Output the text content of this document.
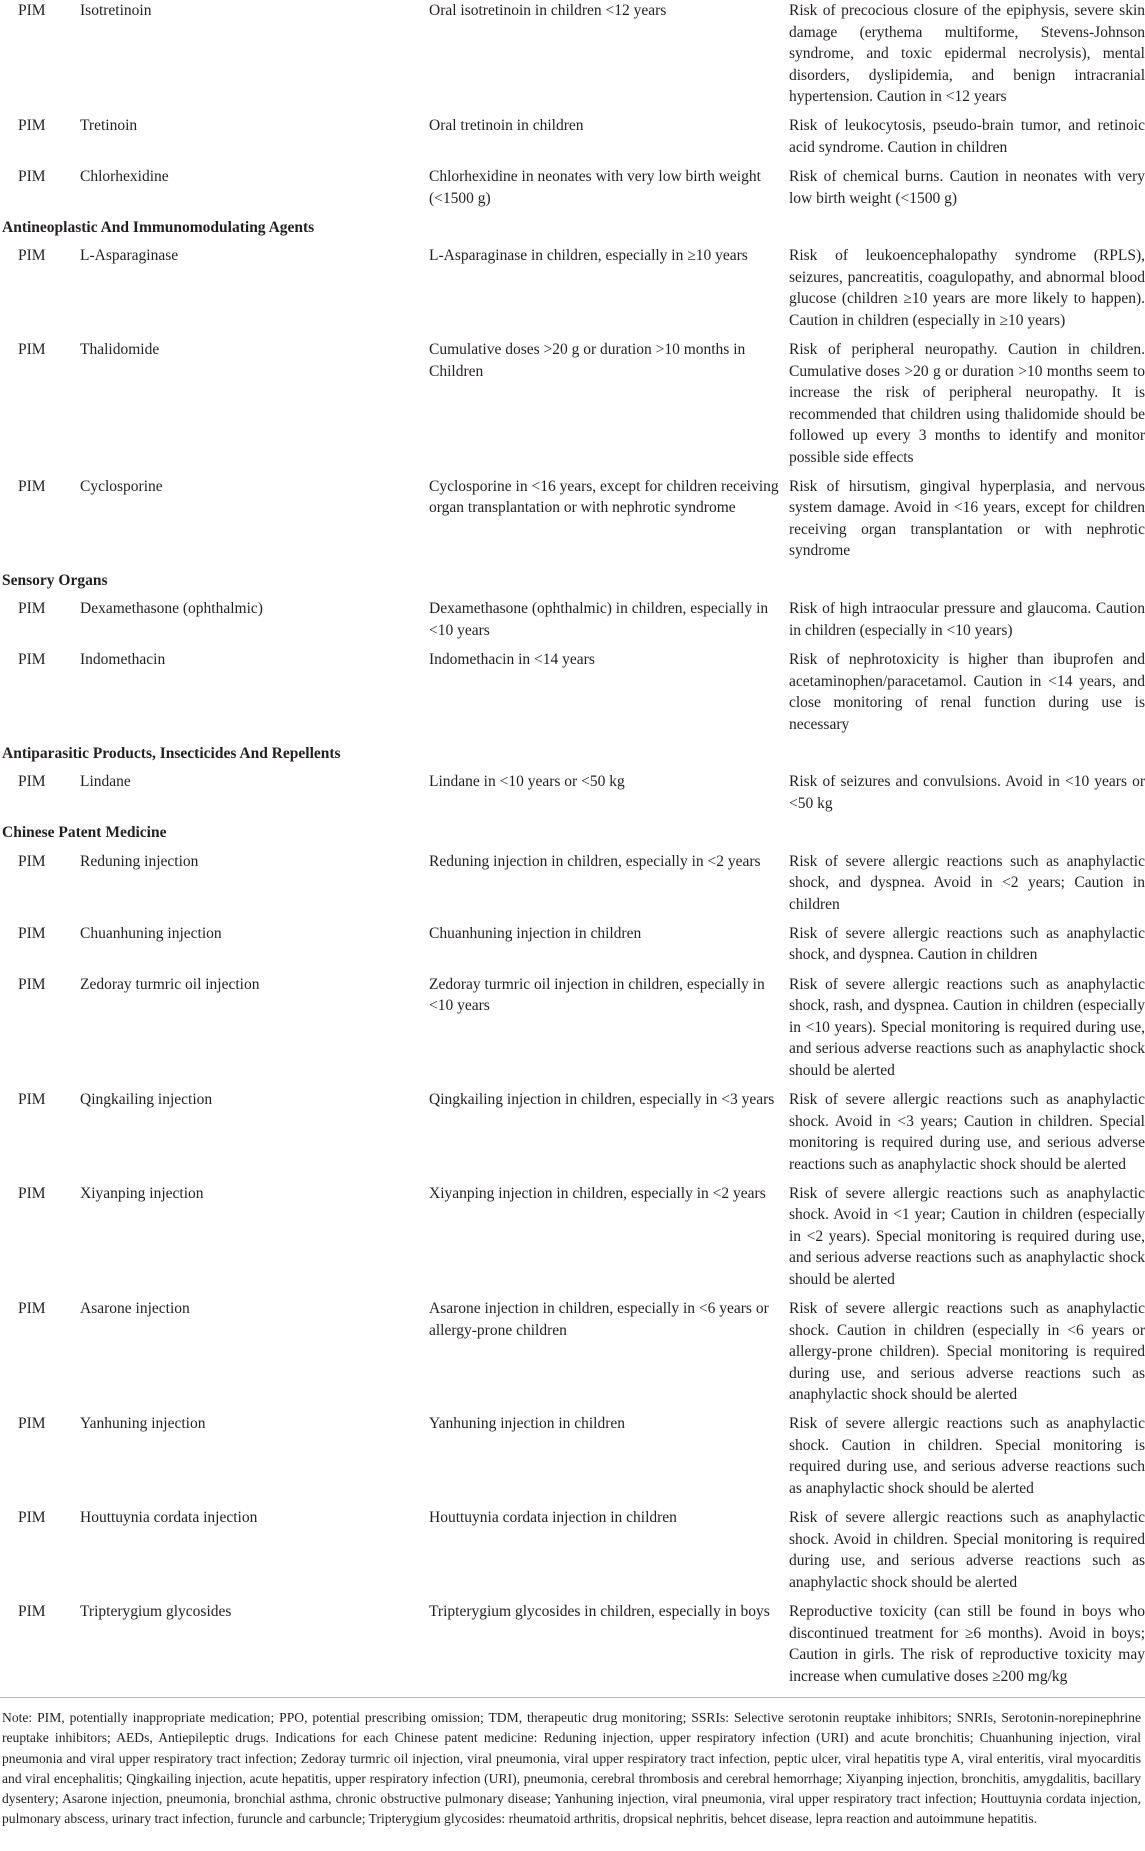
PIM	Isotretinoin	Oral isotretinoin in children <12 years	Risk of precocious closure of the epiphysis, severe skin damage (erythema multiforme, Stevens-Johnson syndrome, and toxic epidermal necrolysis), mental disorders, dyslipidemia, and benign intracranial hypertension. Caution in <12 years
PIM	Tretinoin	Oral tretinoin in children	Risk of leukocytosis, pseudo-brain tumor, and retinoic acid syndrome. Caution in children
PIM	Chlorhexidine	Chlorhexidine in neonates with very low birth weight (<1500 g)	Risk of chemical burns. Caution in neonates with very low birth weight (<1500 g)
Antineoplastic And Immunomodulating Agents			
PIM	L-Asparaginase	L-Asparaginase in children, especially in ≥10 years	Risk of leukoencephalopathy syndrome (RPLS), seizures, pancreatitis, coagulopathy, and abnormal blood glucose (children ≥10 years are more likely to happen). Caution in children (especially in ≥10 years)
PIM	Thalidomide	Cumulative doses >20 g or duration >10 months in Children	Risk of peripheral neuropathy. Caution in children. Cumulative doses >20 g or duration >10 months seem to increase the risk of peripheral neuropathy. It is recommended that children using thalidomide should be followed up every 3 months to identify and monitor possible side effects
PIM	Cyclosporine	Cyclosporine in <16 years, except for children receiving organ transplantation or with nephrotic syndrome	Risk of hirsutism, gingival hyperplasia, and nervous system damage. Avoid in <16 years, except for children receiving organ transplantation or with nephrotic syndrome
Sensory Organs			
PIM	Dexamethasone (ophthalmic)	Dexamethasone (ophthalmic) in children, especially in <10 years	Risk of high intraocular pressure and glaucoma. Caution in children (especially in <10 years)
PIM	Indomethacin	Indomethacin in <14 years	Risk of nephrotoxicity is higher than ibuprofen and acetaminophen/paracetamol. Caution in <14 years, and close monitoring of renal function during use is necessary
Antiparasitic Products, Insecticides And Repellents			
PIM	Lindane	Lindane in <10 years or <50 kg	Risk of seizures and convulsions. Avoid in <10 years or <50 kg
Chinese Patent Medicine			
PIM	Reduning injection	Reduning injection in children, especially in <2 years	Risk of severe allergic reactions such as anaphylactic shock, and dyspnea. Avoid in <2 years; Caution in children
PIM	Chuanhuning injection	Chuanhuning injection in children	Risk of severe allergic reactions such as anaphylactic shock, and dyspnea. Caution in children
PIM	Zedoray turmric oil injection	Zedoray turmric oil injection in children, especially in <10 years	Risk of severe allergic reactions such as anaphylactic shock, rash, and dyspnea. Caution in children (especially in <10 years). Special monitoring is required during use, and serious adverse reactions such as anaphylactic shock should be alerted
PIM	Qingkailing injection	Qingkailing injection in children, especially in <3 years	Risk of severe allergic reactions such as anaphylactic shock. Avoid in <3 years; Caution in children. Special monitoring is required during use, and serious adverse reactions such as anaphylactic shock should be alerted
PIM	Xiyanping injection	Xiyanping injection in children, especially in <2 years	Risk of severe allergic reactions such as anaphylactic shock. Avoid in <1 year; Caution in children (especially in <2 years). Special monitoring is required during use, and serious adverse reactions such as anaphylactic shock should be alerted
PIM	Asarone injection	Asarone injection in children, especially in <6 years or allergy-prone children	Risk of severe allergic reactions such as anaphylactic shock. Caution in children (especially in <6 years or allergy-prone children). Special monitoring is required during use, and serious adverse reactions such as anaphylactic shock should be alerted
PIM	Yanhuning injection	Yanhuning injection in children	Risk of severe allergic reactions such as anaphylactic shock. Caution in children. Special monitoring is required during use, and serious adverse reactions such as anaphylactic shock should be alerted
PIM	Houttuynia cordata injection	Houttuynia cordata injection in children	Risk of severe allergic reactions such as anaphylactic shock. Avoid in children. Special monitoring is required during use, and serious adverse reactions such as anaphylactic shock should be alerted
PIM	Tripterygium glycosides	Tripterygium glycosides in children, especially in boys	Reproductive toxicity (can still be found in boys who discontinued treatment for ≥6 months). Avoid in boys; Caution in girls. The risk of reproductive toxicity may increase when cumulative doses ≥200 mg/kg
Note: PIM, potentially inappropriate medication; PPO, potential prescribing omission; TDM, therapeutic drug monitoring; SSRIs: Selective serotonin reuptake inhibitors; SNRIs, Serotonin-norepinephrine reuptake inhibitors; AEDs, Antiepileptic drugs. Indications for each Chinese patent medicine: Reduning injection, upper respiratory infection (URI) and acute bronchitis; Chuanhuning injection, viral pneumonia and viral upper respiratory tract infection; Zedoray turmric oil injection, viral pneumonia, viral upper respiratory tract infection, peptic ulcer, viral hepatitis type A, viral enteritis, viral myocarditis and viral encephalitis; Qingkailing injection, acute hepatitis, upper respiratory infection (URI), pneumonia, cerebral thrombosis and cerebral hemorrhage; Xiyanping injection, bronchitis, amygdalitis, bacillary dysentery; Asarone injection, pneumonia, bronchial asthma, chronic obstructive pulmonary disease; Yanhuning injection, viral pneumonia, viral upper respiratory tract infection; Houttuynia cordata injection, pulmonary abscess, urinary tract infection, furuncle and carbuncle; Tripterygium glycosides: rheumatoid arthritis, dropsical nephritis, behcet disease, lepra reaction and autoimmune hepatitis.
